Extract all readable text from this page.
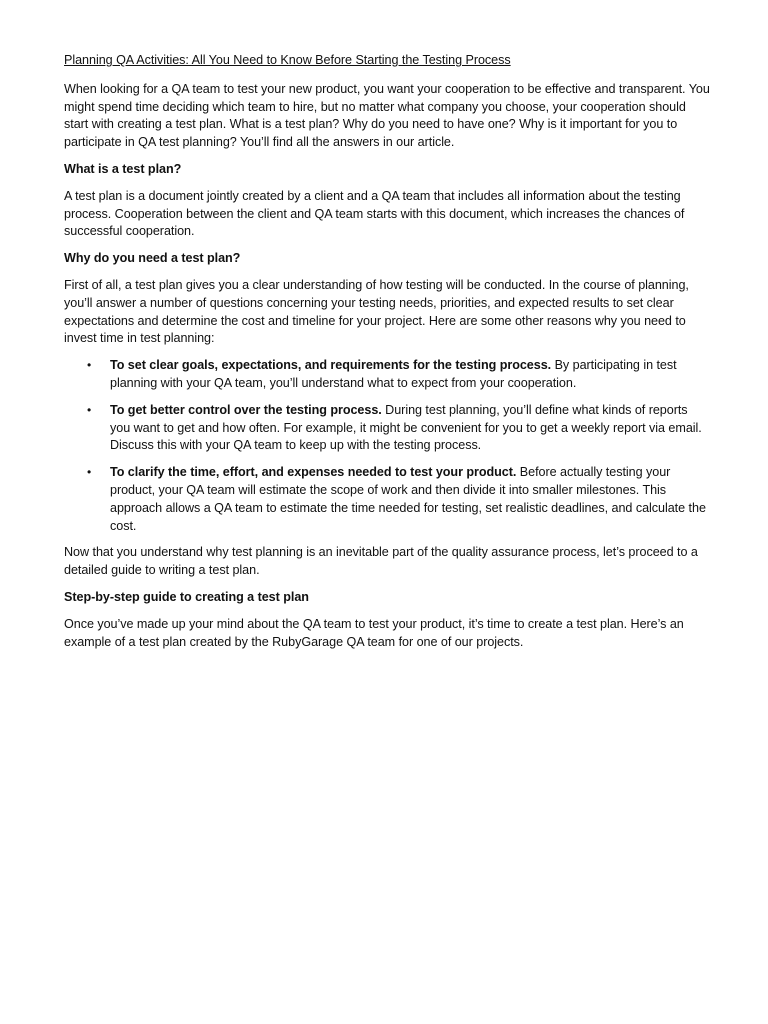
Planning QA Activities: All You Need to Know Before Starting the Testing Process

When looking for a QA team to test your new product, you want your cooperation to be effective and transparent. You might spend time deciding which team to hire, but no matter what company you choose, your cooperation should start with creating a test plan. What is a test plan? Why do you need to have one? Why is it important for you to participate in QA test planning? You’ll find all the answers in our article.

What is a test plan?

A test plan is a document jointly created by a client and a QA team that includes all information about the testing process. Cooperation between the client and QA team starts with this document, which increases the chances of successful cooperation.

Why do you need a test plan?

First of all, a test plan gives you a clear understanding of how testing will be conducted. In the course of planning, you’ll answer a number of questions concerning your testing needs, priorities, and expected results to set clear expectations and determine the cost and timeline for your project. Here are some other reasons why you need to invest time in test planning:

• To set clear goals, expectations, and requirements for the testing process. By participating in test planning with your QA team, you’ll understand what to expect from your cooperation.
• To get better control over the testing process. During test planning, you’ll define what kinds of reports you want to get and how often. For example, it might be convenient for you to get a weekly report via email. Discuss this with your QA team to keep up with the testing process.
• To clarify the time, effort, and expenses needed to test your product. Before actually testing your product, your QA team will estimate the scope of work and then divide it into smaller milestones. This approach allows a QA team to estimate the time needed for testing, set realistic deadlines, and calculate the cost.

Now that you understand why test planning is an inevitable part of the quality assurance process, let’s proceed to a detailed guide to writing a test plan.

Step-by-step guide to creating a test plan

Once you’ve made up your mind about the QA team to test your product, it’s time to create a test plan. Here’s an example of a test plan created by the RubyGarage QA team for one of our projects.
